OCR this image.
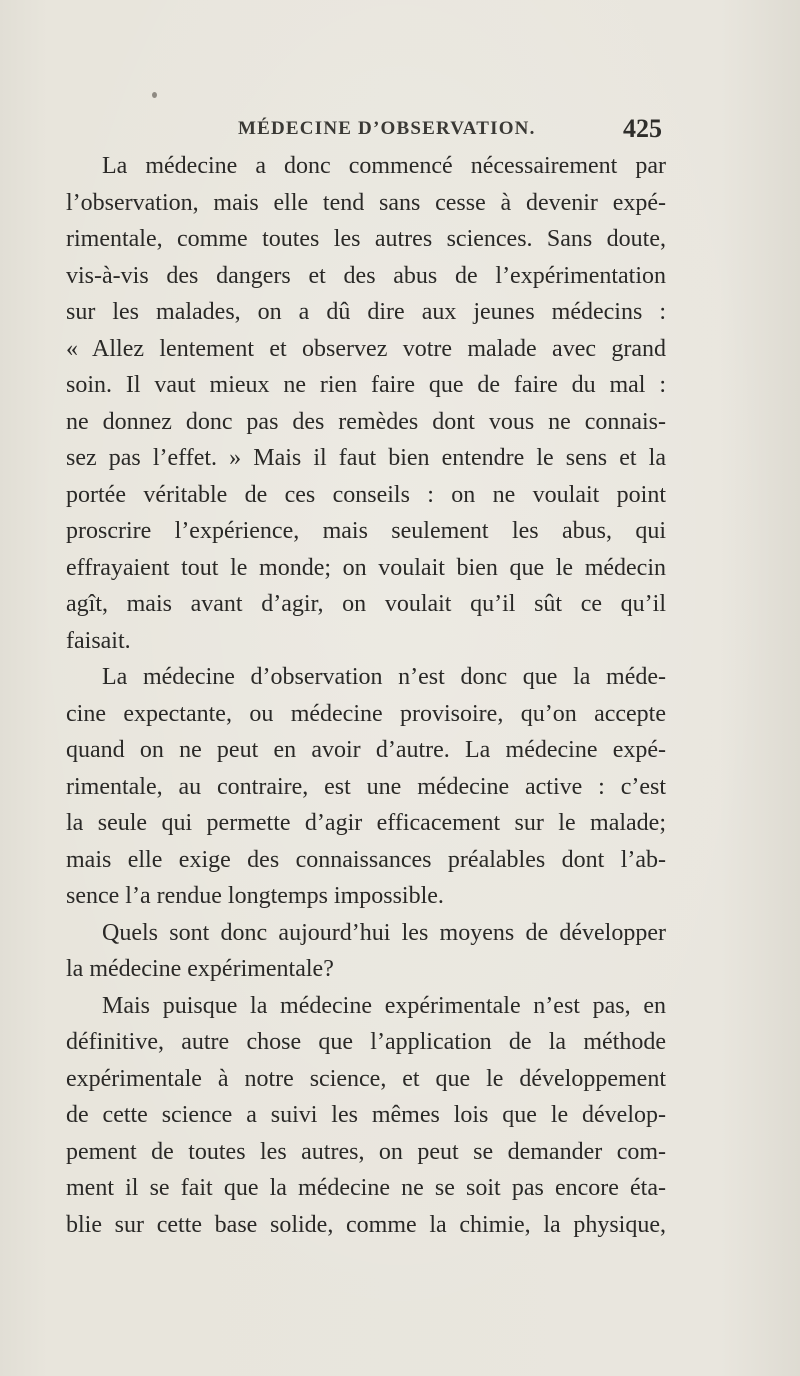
MÉDECINE D’OBSERVATION.	425
La médecine a donc commencé nécessairement par
l’observation, mais elle tend sans cesse à devenir expé-
rimentale, comme toutes les autres sciences. Sans doute,
vis-à-vis des dangers et des abus de l’expérimentation
sur les malades, on a dû dire aux jeunes médecins :
« Allez lentement et observez votre malade avec grand
soin. Il vaut mieux ne rien faire que de faire du mal :
ne donnez donc pas des remèdes dont vous ne connais-
sez pas l’effet. » Mais il faut bien entendre le sens et la
portée véritable de ces conseils : on ne voulait point
proscrire l’expérience, mais seulement les abus, qui
effrayaient tout le monde; on voulait bien que le médecin
agît, mais avant d’agir, on voulait qu’il sût ce qu’il
faisait.
La médecine d’observation n’est donc que la méde-
cine expectante, ou médecine provisoire, qu’on accepte
quand on ne peut en avoir d’autre. La médecine expé-
rimentale, au contraire, est une médecine active : c’est
la seule qui permette d’agir efficacement sur le malade;
mais elle exige des connaissances préalables dont l’ab-
sence l’a rendue longtemps impossible.
Quels sont donc aujourd’hui les moyens de développer
la médecine expérimentale?
Mais puisque la médecine expérimentale n’est pas, en
définitive, autre chose que l’application de la méthode
expérimentale à notre science, et que le développement
de cette science a suivi les mêmes lois que le dévelop-
pement de toutes les autres, on peut se demander com-
ment il se fait que la médecine ne se soit pas encore éta-
blie sur cette base solide, comme la chimie, la physique,
